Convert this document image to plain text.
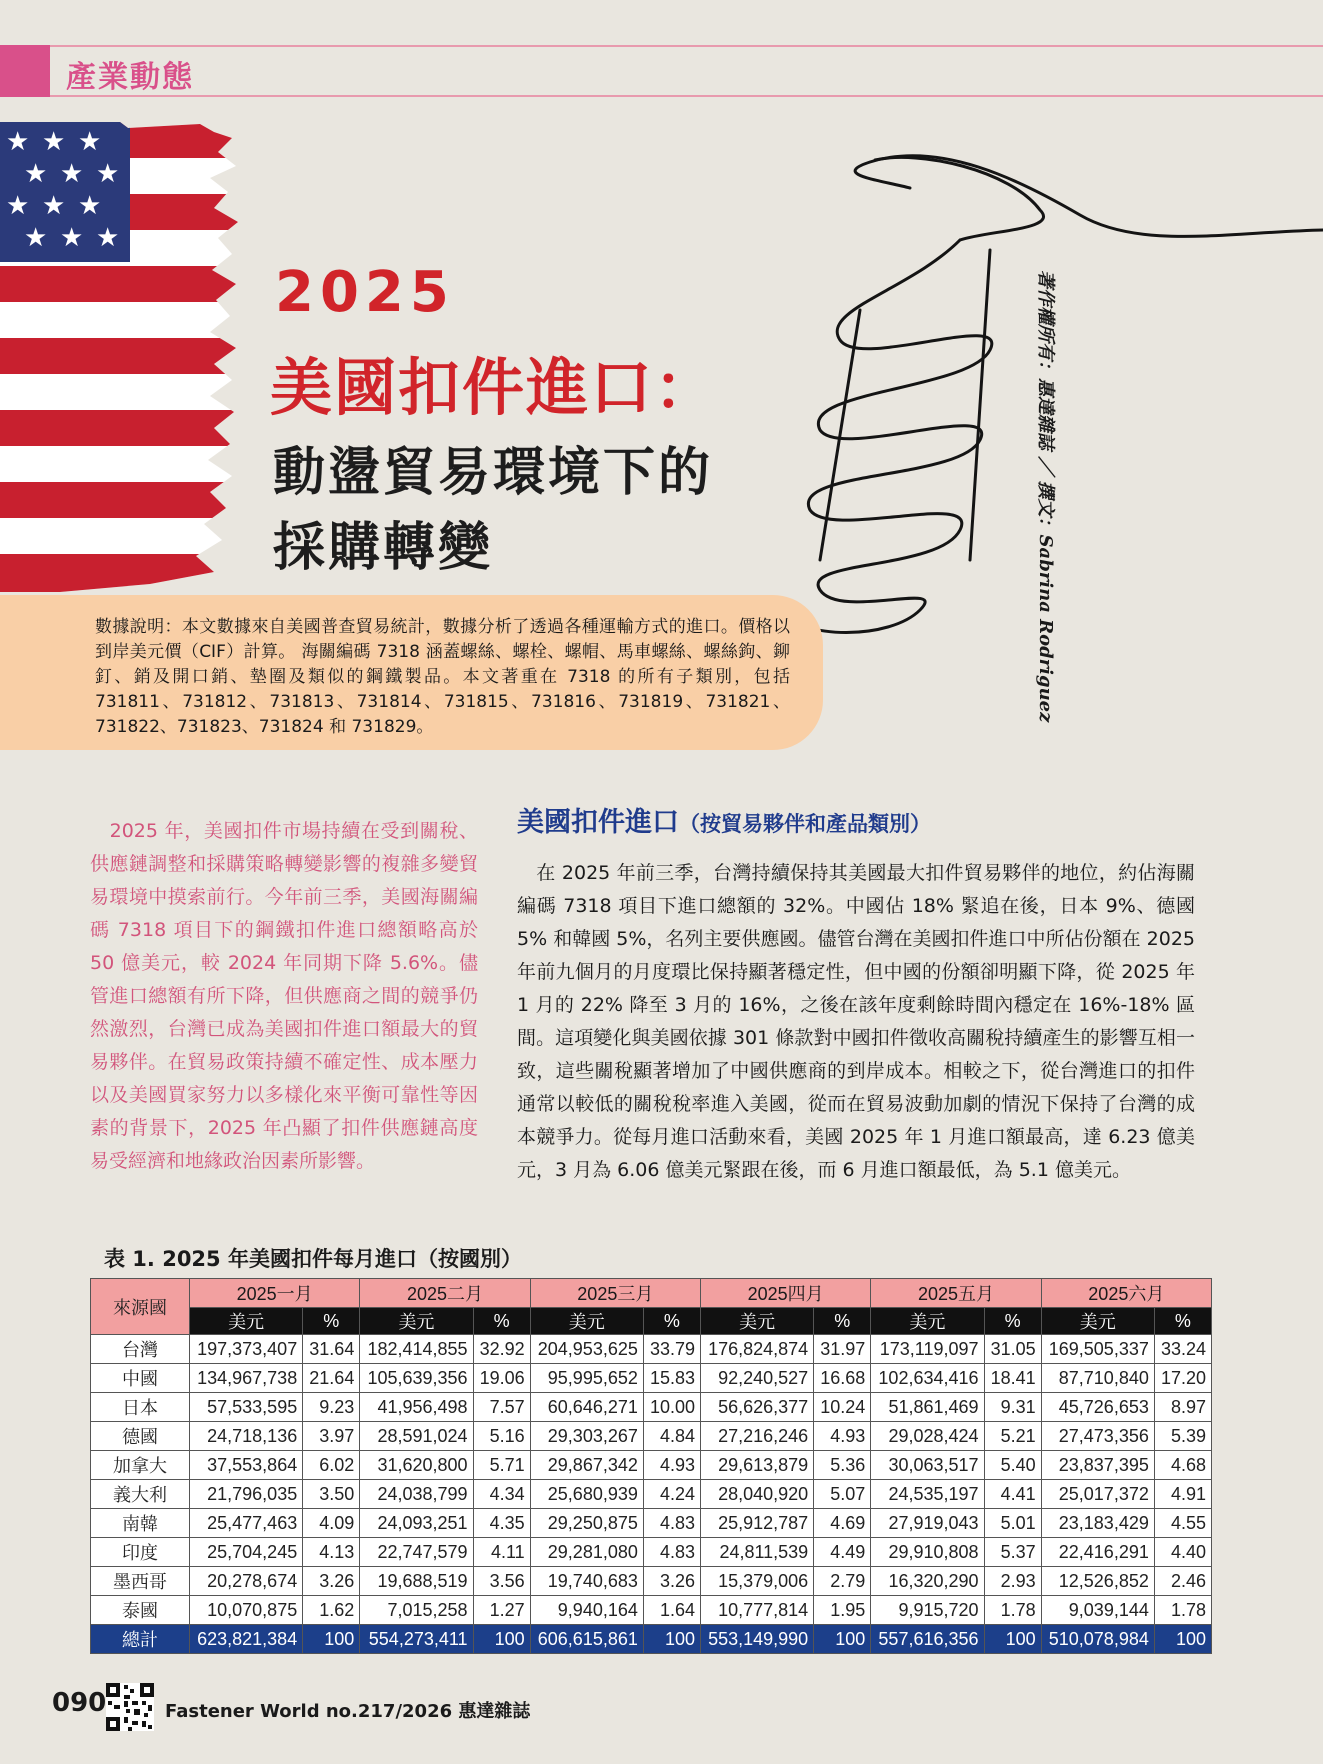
產業動態
★ ★ ★
★ ★ ★
★ ★ ★
★ ★ ★
2025
美國扣件進口：
動盪貿易環境下的
採購轉變	著作權所有：惠達雜誌 ／ 撰文：Sabrina Rodriguez
數據說明：本文數據來自美國普查貿易統計，數據分析了透過各種運輸方式的進口。價格以到岸美元價（CIF）計算。 海關編碼 7318 涵蓋螺絲、螺栓、螺帽、馬車螺絲、螺絲鉤、鉚釘、銷及開口銷、墊圈及類似的鋼鐵製品。本文著重在 7318 的所有子類別，包括 731811、731812、731813、731814、731815、731816、731819、731821、731822、731823、731824 和 731829。
　2025 年，美國扣件市場持續在受到關稅、供應鏈調整和採購策略轉變影響的複雜多變貿易環境中摸索前行。今年前三季，美國海關編碼 7318 項目下的鋼鐵扣件進口總額略高於 50 億美元，較 2024 年同期下降 5.6%。儘管進口總額有所下降，但供應商之間的競爭仍然激烈，台灣已成為美國扣件進口額最大的貿易夥伴。在貿易政策持續不確定性、成本壓力以及美國買家努力以多樣化來平衡可靠性等因素的背景下，2025 年凸顯了扣件供應鏈高度易受經濟和地緣政治因素所影響。
美國扣件進口（按貿易夥伴和產品類別）
　在 2025 年前三季，台灣持續保持其美國最大扣件貿易夥伴的地位，約佔海關編碼 7318 項目下進口總額的 32%。中國佔 18% 緊追在後，日本 9%、德國 5% 和韓國 5%，名列主要供應國。儘管台灣在美國扣件進口中所佔份額在 2025 年前九個月的月度環比保持顯著穩定性，但中國的份額卻明顯下降，從 2025 年 1 月的 22% 降至 3 月的 16%，之後在該年度剩餘時間內穩定在 16%-18% 區間。這項變化與美國依據 301 條款對中國扣件徵收高關稅持續產生的影響互相一致，這些關稅顯著增加了中國供應商的到岸成本。相較之下，從台灣進口的扣件通常以較低的關稅稅率進入美國，從而在貿易波動加劇的情況下保持了台灣的成本競爭力。從每月進口活動來看，美國 2025 年 1 月進口額最高，達 6.23 億美元，3 月為 6.06 億美元緊跟在後，而 6 月進口額最低，為 5.1 億美元。
表 1. 2025 年美國扣件每月進口（按國別）
來源國	2025一月		2025二月		2025三月		2025四月		2025五月		2025六月	
	美元	%	美元	%	美元	%	美元	%	美元	%	美元	%
台灣	197,373,407	31.64	182,414,855	32.92	204,953,625	33.79	176,824,874	31.97	173,119,097	31.05	169,505,337	33.24
中國	134,967,738	21.64	105,639,356	19.06	95,995,652	15.83	92,240,527	16.68	102,634,416	18.41	87,710,840	17.20
日本	57,533,595	9.23	41,956,498	7.57	60,646,271	10.00	56,626,377	10.24	51,861,469	9.31	45,726,653	8.97
德國	24,718,136	3.97	28,591,024	5.16	29,303,267	4.84	27,216,246	4.93	29,028,424	5.21	27,473,356	5.39
加拿大	37,553,864	6.02	31,620,800	5.71	29,867,342	4.93	29,613,879	5.36	30,063,517	5.40	23,837,395	4.68
義大利	21,796,035	3.50	24,038,799	4.34	25,680,939	4.24	28,040,920	5.07	24,535,197	4.41	25,017,372	4.91
南韓	25,477,463	4.09	24,093,251	4.35	29,250,875	4.83	25,912,787	4.69	27,919,043	5.01	23,183,429	4.55
印度	25,704,245	4.13	22,747,579	4.11	29,281,080	4.83	24,811,539	4.49	29,910,808	5.37	22,416,291	4.40
墨西哥	20,278,674	3.26	19,688,519	3.56	19,740,683	3.26	15,379,006	2.79	16,320,290	2.93	12,526,852	2.46
泰國	10,070,875	1.62	7,015,258	1.27	9,940,164	1.64	10,777,814	1.95	9,915,720	1.78	9,039,144	1.78
總計	623,821,384	100	554,273,411	100	606,615,861	100	553,149,990	100	557,616,356	100	510,078,984	100
090	Fastener World no.217/2026 惠達雜誌
